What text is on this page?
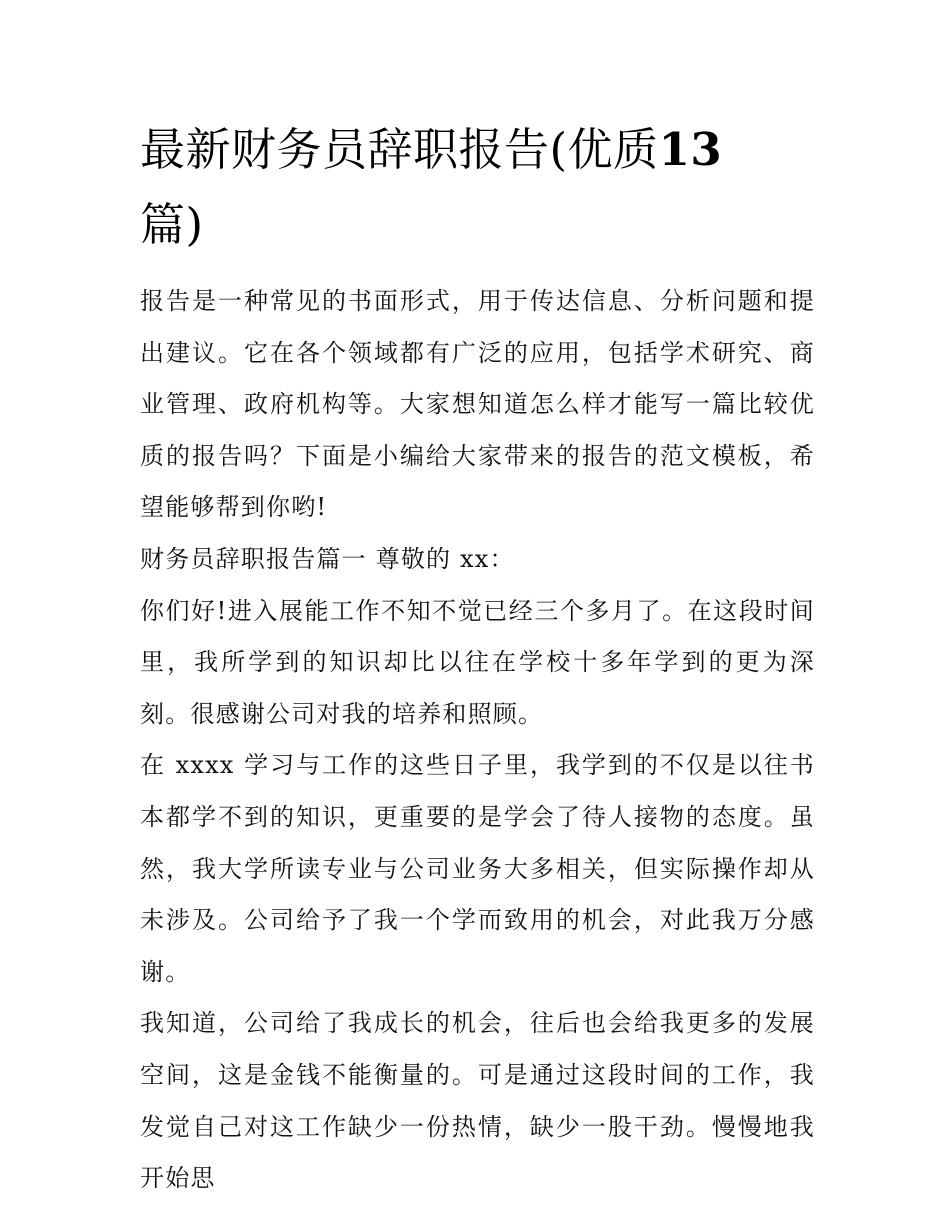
最新财务员辞职报告(优质13
篇)

报告是一种常见的书面形式，用于传达信息、分析问题和提出建议。它在各个领域都有广泛的应用，包括学术研究、商业管理、政府机构等。大家想知道怎么样才能写一篇比较优质的报告吗？下面是小编给大家带来的报告的范文模板，希望能够帮到你哟!

财务员辞职报告篇一 尊敬的 xx：

你们好!进入展能工作不知不觉已经三个多月了。在这段时间里，我所学到的知识却比以往在学校十多年学到的更为深刻。很感谢公司对我的培养和照顾。

在 xxxx 学习与工作的这些日子里，我学到的不仅是以往书本都学不到的知识，更重要的是学会了待人接物的态度。虽然，我大学所读专业与公司业务大多相关，但实际操作却从未涉及。公司给予了我一个学而致用的机会，对此我万分感谢。

我知道，公司给了我成长的机会，往后也会给我更多的发展空间，这是金钱不能衡量的。可是通过这段时间的工作，我发觉自己对这工作缺少一份热情，缺少一股干劲。慢慢地我开始思
